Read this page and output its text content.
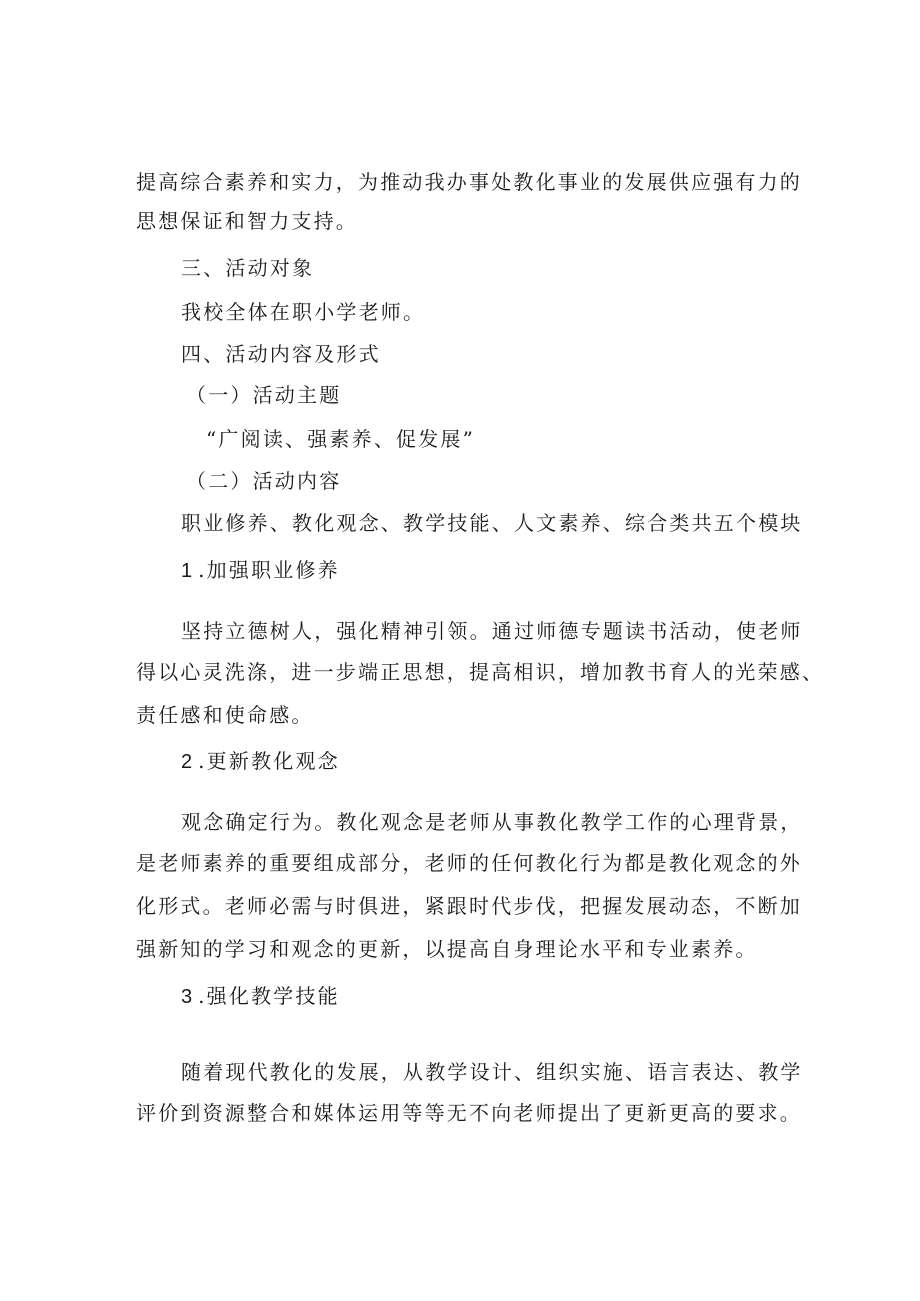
提高综合素养和实力，为推动我办事处教化事业的发展供应强有力的

思想保证和智力支持。

三、活动对象

我校全体在职小学老师。

四、活动内容及形式

（一）活动主题

“广阅读、强素养、促发展”

（二）活动内容

职业修养、教化观念、教学技能、人文素养、综合类共五个模块

1 .加强职业修养

坚持立德树人，强化精神引领。通过师德专题读书活动，使老师

得以心灵洗涤，进一步端正思想，提高相识，增加教书育人的光荣感、

责任感和使命感。

2 .更新教化观念

观念确定行为。教化观念是老师从事教化教学工作的心理背景，

是老师素养的重要组成部分，老师的任何教化行为都是教化观念的外

化形式。老师必需与时俱进，紧跟时代步伐，把握发展动态，不断加

强新知的学习和观念的更新，以提高自身理论水平和专业素养。

3 .强化教学技能

随着现代教化的发展，从教学设计、组织实施、语言表达、教学

评价到资源整合和媒体运用等等无不向老师提出了更新更高的要求。
